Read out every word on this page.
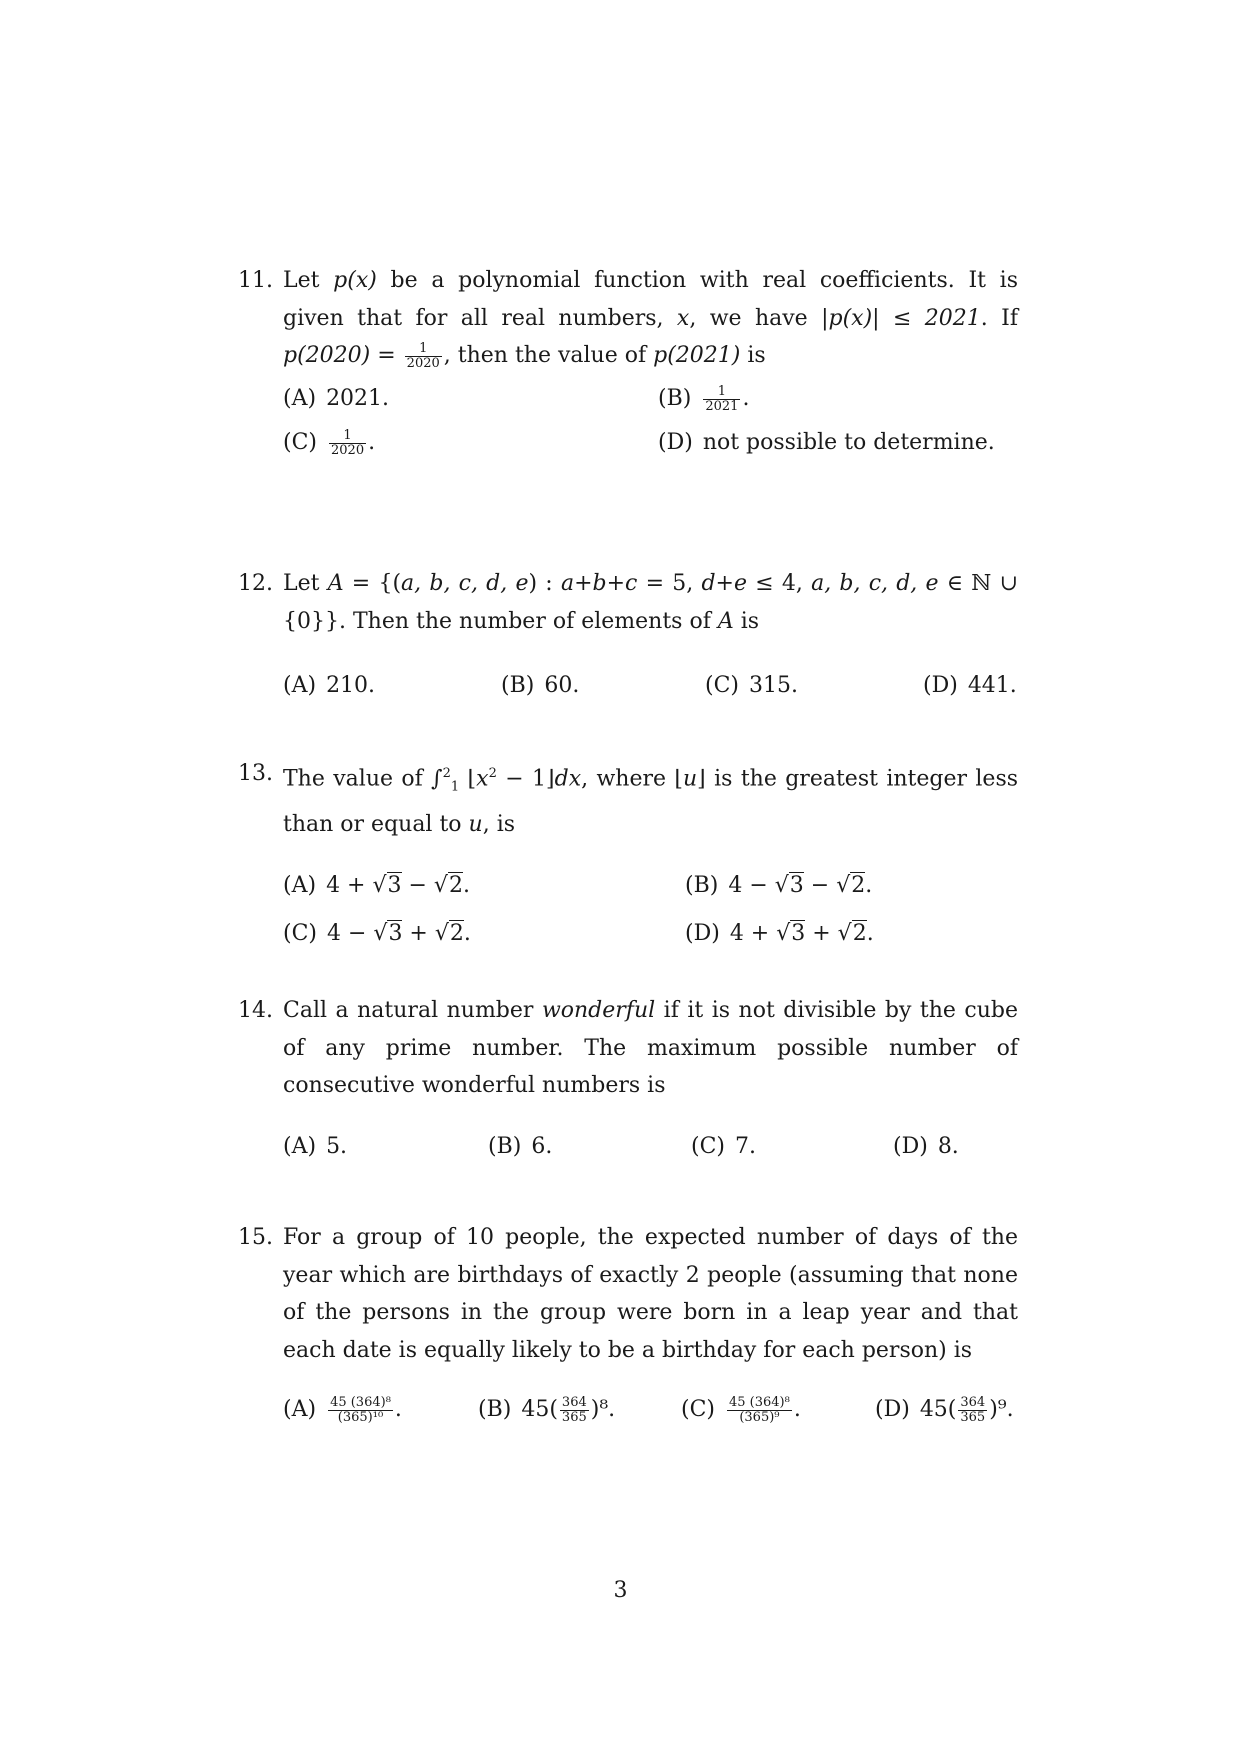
11. Let p(x) be a polynomial function with real coefficients. It is given that for all real numbers, x, we have |p(x)| ≤ 2021. If $p(2020) = \frac{1}{2020}$ , then the value of p(2021) is
(A) 2021.	$(B) \frac{1}{2021}$ .
$(C) \frac{1}{2020}$ .	(D) not possible to determine.
12. Let A = {(a, b, c, d, e) : a+b+c = 5, d+e ≤ 4, a, b, c, d, e ∈ ℕ ∪ {0}}. Then the number of elements of A is
(A) 210.	(B) 60.	(C) 315.	(D) 441.
13. The value of ∫$^2_1$ $⌊x^2$ − 1⌋dx, where ⌊u⌋ is the greatest integer less than or equal to u, is
(A) 4 + √3 − √2.	(B) 4 − √3 − √2.
(C) 4 − √3 + √2.	(D) 4 + √3 + √2.
14. Call a natural number wonderful if it is not divisible by the cube of any prime number. The maximum possible number of consecutive wonderful numbers is
(A) 5.	(B) 6.	(C) 7.	(D) 8.
15. For a group of 10 people, the expected number of days of the year which are birthdays of exactly 2 people (assuming that none of the persons in the group were born in a leap year and that each date is equally likely to be a birthday for each person) is
$(A) \frac{\text{45 (364)⁸}}{\text{(365)¹⁰}}$ .	(B) $45( \frac{364}{365} )^8$.	$(C) \frac{\text{45 (364)⁸}}{\text{(365)⁹}}$ .	(D) $45( \frac{364}{365} )^9$.
3
